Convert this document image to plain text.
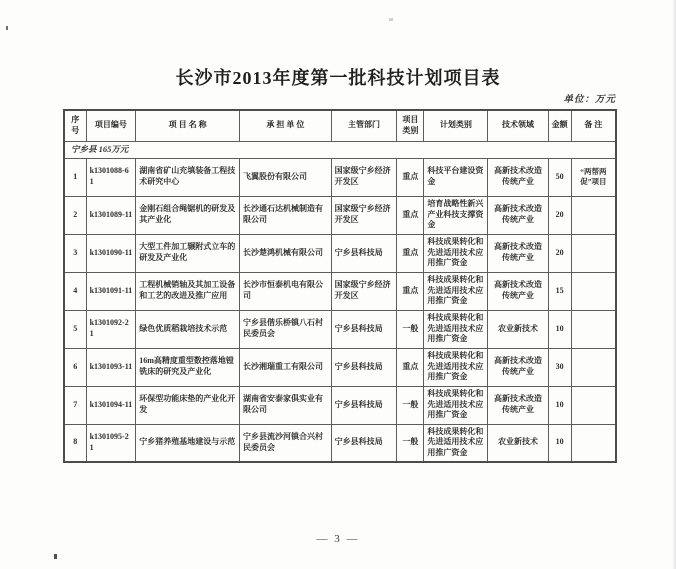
长沙市2013年度第一批科技计划项目表
单位：万元
序号	项目编号	项 目 名 称	承 担 单 位	主管部门	项目类别	计划类别	技术领域	金额	备 注
宁乡县 165万元									
1	k1301088-61	湖南省矿山充填装备工程技术研究中心	飞翼股份有限公司	国家级宁乡经济开发区	重点	科技平台建设资金	高新技术改造传统产业	50	“两帮两促”项目
2	k1301089-11	金刚石组合绳锯机的研发及其产业化	长沙通石达机械制造有限公司	国家级宁乡经济开发区	重点	培育战略性新兴产业科技支撑资金	高新技术改造传统产业	20	
3	k1301090-11	大型工件加工辗附式立车的研发及产业化	长沙楚鸿机械有限公司	宁乡县科技局	重点	科技成果转化和先进适用技术应用推广资金	高新技术改造传统产业	20	
4	k1301091-11	工程机械销轴及其加工设备和工艺的改进及推广应用	长沙市恒泰机电有限公司	国家级宁乡经济开发区	重点	科技成果转化和先进适用技术应用推广资金	高新技术改造传统产业	15	
5	k1301092-21	绿色优质稻栽培技术示范	宁乡县偕乐桥镇八石村民委员会	宁乡县科技局	一般	科技成果转化和先进适用技术应用推广资金	农业新技术	10	
6	k1301093-11	16m高精度重型数控落地镗铣床的研究及产业化	长沙湘瑞重工有限公司	宁乡县科技局	重点	科技成果转化和先进适用技术应用推广资金	高新技术改造传统产业	30	
7	k1301094-11	环保型功能床垫的产业化开发	湖南省安泰家俱实业有限公司	宁乡县科技局	一般	科技成果转化和先进适用技术应用推广资金	高新技术改造传统产业	10	
8	k1301095-21	宁乡猪养殖基地建设与示范	宁乡县流沙河镇合兴村民委员会	宁乡县科技局	一般	科技成果转化和先进适用技术应用推广资金	农业新技术	10	
— 3 —
